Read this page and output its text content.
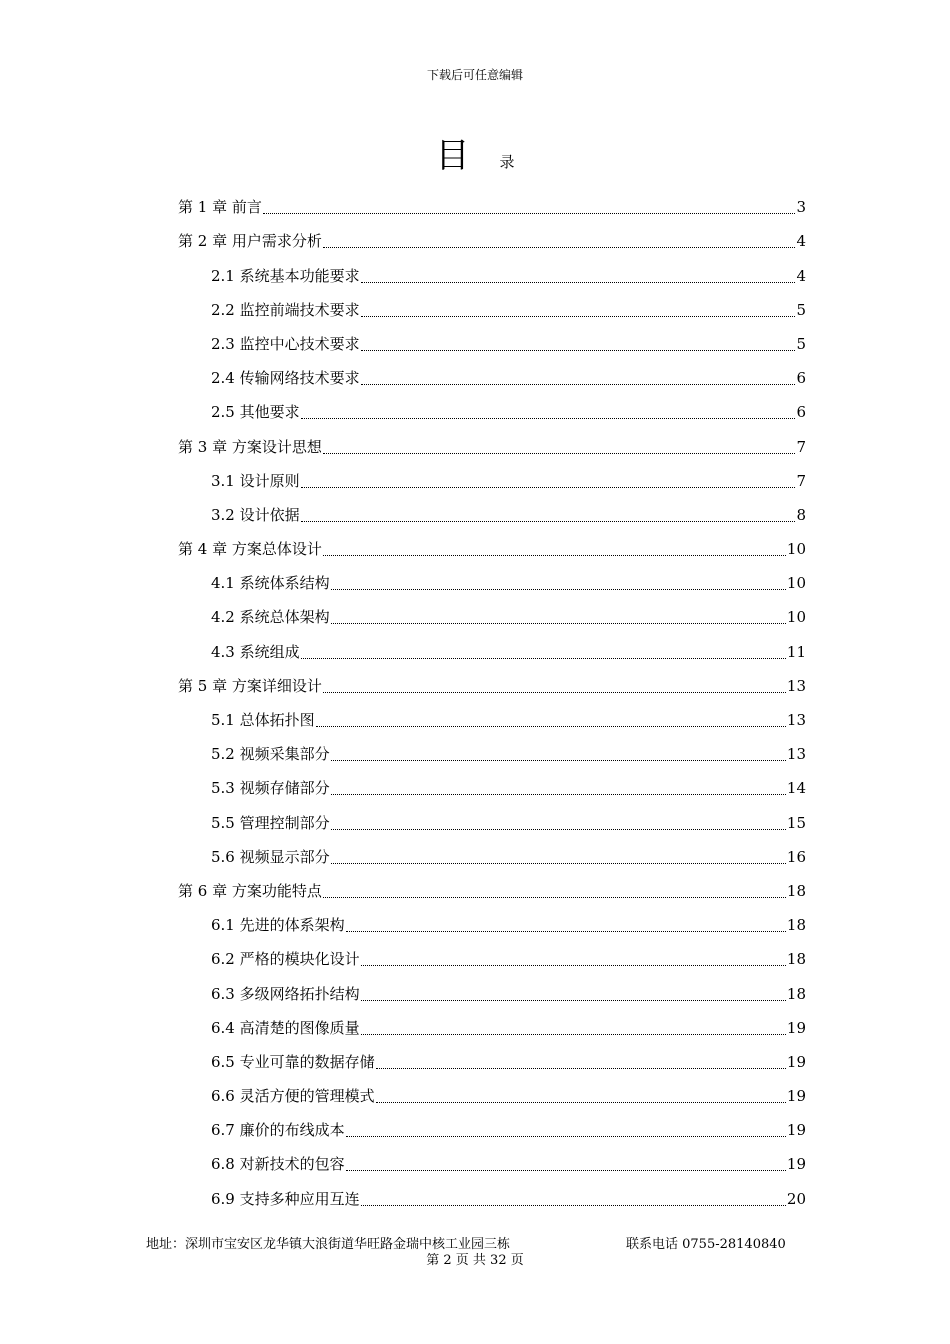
下载后可任意编辑
目 录
第 1 章 前言	3
第 2 章 用户需求分析	4
2.1 系统基本功能要求	4
2.2 监控前端技术要求	5
2.3 监控中心技术要求	5
2.4 传输网络技术要求	6
2.5 其他要求	6
第 3 章 方案设计思想	7
3.1 设计原则	7
3.2 设计依据	8
第 4 章 方案总体设计	10
4.1 系统体系结构	10
4.2 系统总体架构	10
4.3 系统组成	11
第 5 章 方案详细设计	13
5.1 总体拓扑图	13
5.2 视频采集部分	13
5.3 视频存储部分	14
5.5 管理控制部分	15
5.6 视频显示部分	16
第 6 章 方案功能特点	18
6.1 先进的体系架构	18
6.2 严格的模块化设计	18
6.3 多级网络拓扑结构	18
6.4 高清楚的图像质量	19
6.5 专业可靠的数据存储	19
6.6 灵活方便的管理模式	19
6.7 廉价的布线成本	19
6.8 对新技术的包容	19
6.9 支持多种应用互连	20
地址：深圳市宝安区龙华镇大浪街道华旺路金瑞中核工业园三栋	联系电话 0755-28140840
第 2 页 共 32 页
